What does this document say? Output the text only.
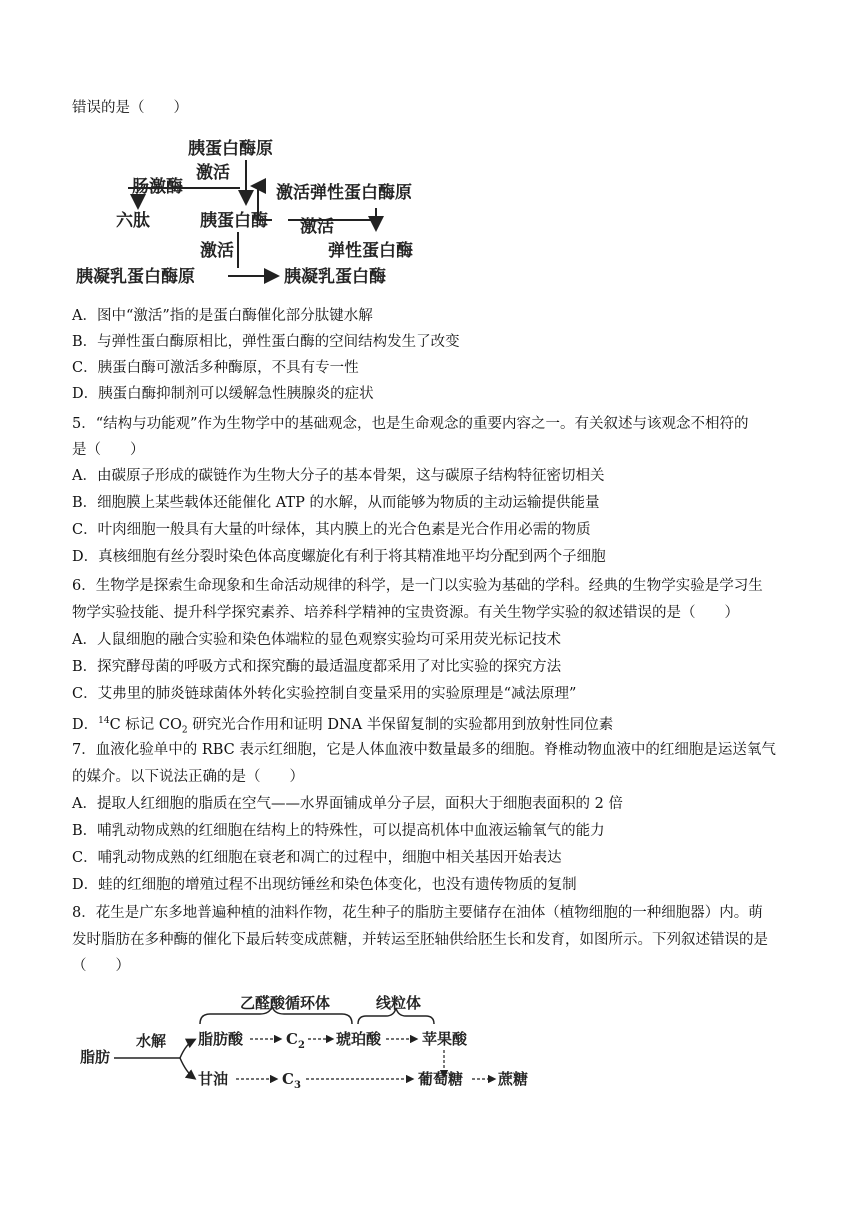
错误的是（　　）
胰蛋白酶原
激活
肠激酶	激活弹性蛋白酶原
六肽	胰蛋白酶 激活
弹性蛋白酶
激活
胰凝乳蛋白酶原	胰凝乳蛋白酶
A．图中“激活”指的是蛋白酶催化部分肽键水解
B．与弹性蛋白酶原相比，弹性蛋白酶的空间结构发生了改变
C．胰蛋白酶可激活多种酶原，不具有专一性
D．胰蛋白酶抑制剂可以缓解急性胰腺炎的症状
5．“结构与功能观”作为生物学中的基础观念，也是生命观念的重要内容之一。有关叙述与该观念不相符的
是（　　）
A．由碳原子形成的碳链作为生物大分子的基本骨架，这与碳原子结构特征密切相关
B．细胞膜上某些载体还能催化 ATP 的水解，从而能够为物质的主动运输提供能量
C．叶肉细胞一般具有大量的叶绿体，其内膜上的光合色素是光合作用必需的物质
D．真核细胞有丝分裂时染色体高度螺旋化有利于将其精准地平均分配到两个子细胞
6．生物学是探索生命现象和生命活动规律的科学，是一门以实验为基础的学科。经典的生物学实验是学习生
物学实验技能、提升科学探究素养、培养科学精神的宝贵资源。有关生物学实验的叙述错误的是（　　）
A．人鼠细胞的融合实验和染色体端粒的显色观察实验均可采用荧光标记技术
B．探究酵母菌的呼吸方式和探究酶的最适温度都采用了对比实验的探究方法
C．艾弗里的肺炎链球菌体外转化实验控制自变量采用的实验原理是“减法原理”
D．$^{14}$C 标记 $CO_2$ 研究光合作用和证明 DNA 半保留复制的实验都用到放射性同位素
7．血液化验单中的 RBC 表示红细胞，它是人体血液中数量最多的细胞。脊椎动物血液中的红细胞是运送氧气
的媒介。以下说法正确的是（　　）
A．提取人红细胞的脂质在空气——水界面铺成单分子层，面积大于细胞表面积的 2 倍
B．哺乳动物成熟的红细胞在结构上的特殊性，可以提高机体中血液运输氧气的能力
C．哺乳动物成熟的红细胞在衰老和凋亡的过程中，细胞中相关基因开始表达
D．蛙的红细胞的增殖过程不出现纺锤丝和染色体变化，也没有遗传物质的复制
8．花生是广东多地普遍种植的油料作物，花生种子的脂肪主要储存在油体（植物细胞的一种细胞器）内。萌
发时脂肪在多种酶的催化下最后转变成蔗糖，并转运至胚轴供给胚生长和发育，如图所示。下列叙述错误的是
（　　）
乙醛酸循环体	线粒体
脂肪
水解 脂肪酸	$C_2$ 琥珀酸	苹果酸
甘油	$C_3$	葡萄糖 蔗糖
